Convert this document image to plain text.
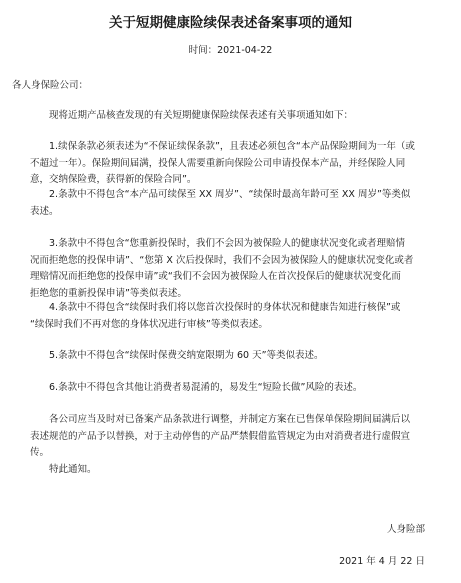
关于短期健康险续保表述备案事项的通知
时间：2021-04-22
各人身保险公司：
现将近期产品核查发现的有关短期健康保险续保表述有关事项通知如下：
1.续保条款必须表述为“不保证续保条款”，且表述必须包含“本产品保险期间为一年（或
不超过一年）。保险期间届满，投保人需要重新向保险公司申请投保本产品，并经保险人同
意，交纳保险费，获得新的保险合同”。
2.条款中不得包含“本产品可续保至 XX 周岁”、“续保时最高年龄可至 XX 周岁”等类似
表述。
3.条款中不得包含“您重新投保时，我们不会因为被保险人的健康状况变化或者理赔情
况而拒绝您的投保申请”、“您第 X 次后投保时，我们不会因为被保险人的健康状况变化或者
理赔情况而拒绝您的投保申请”或“我们不会因为被保险人在首次投保后的健康状况变化而
拒绝您的重新投保申请”等类似表述。
4.条款中不得包含“续保时我们将以您首次投保时的身体状况和健康告知进行核保”或
“续保时我们不再对您的身体状况进行审核”等类似表述。
5.条款中不得包含“续保时保费交纳宽限期为 60 天”等类似表述。
6.条款中不得包含其他让消费者易混淆的，易发生“短险长做”风险的表述。
各公司应当及时对已备案产品条款进行调整，并制定方案在已售保单保险期间届满后以
表述规范的产品予以替换，对于主动停售的产品严禁假借监管规定为由对消费者进行虚假宣
传。
特此通知。
人身险部
2021 年 4 月 22 日
